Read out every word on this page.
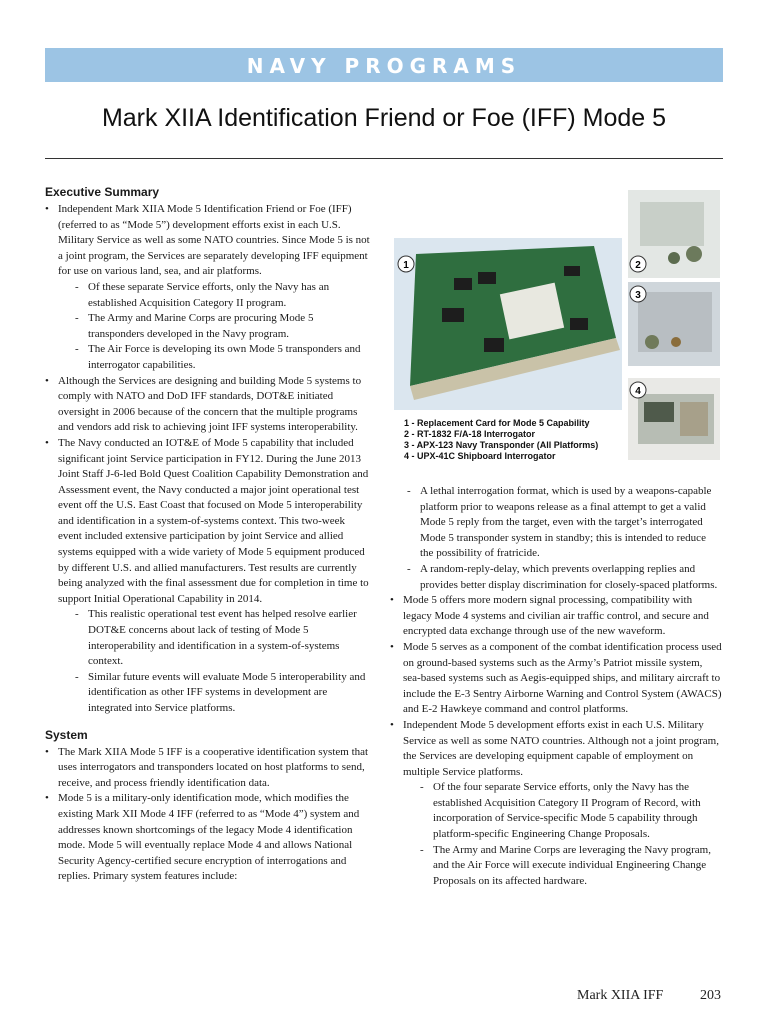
NAVY PROGRAMS
Mark XIIA Identification Friend or Foe (IFF) Mode 5
Executive Summary
• Independent Mark XIIA Mode 5 Identification Friend or Foe (IFF) (referred to as “Mode 5”) development efforts exist in each U.S. Military Service as well as some NATO countries. Since Mode 5 is not a joint program, the Services are separately developing IFF equipment for use on various land, sea, and air platforms.
- Of these separate Service efforts, only the Navy has an established Acquisition Category II program.
- The Army and Marine Corps are procuring Mode 5 transponders developed in the Navy program.
- The Air Force is developing its own Mode 5 transponders and interrogator capabilities.
• Although the Services are designing and building Mode 5 systems to comply with NATO and DoD IFF standards, DOT&E initiated oversight in 2006 because of the concern that the multiple programs and vendors add risk to achieving joint IFF systems interoperability.
• The Navy conducted an IOT&E of Mode 5 capability that included significant joint Service participation in FY12. During the June 2013 Joint Staff J-6-led Bold Quest Coalition Capability Demonstration and Assessment event, the Navy conducted a major joint operational test event off the U.S. East Coast that focused on Mode 5 interoperability and identification in a system-of-systems context. This two-week event included extensive participation by joint Service and allied systems equipped with a wide variety of Mode 5 equipment produced by different U.S. and allied manufacturers. Test results are currently being analyzed with the final assessment due for completion in time to support Initial Operational Capability in 2014.
- This realistic operational test event has helped resolve earlier DOT&E concerns about lack of testing of Mode 5 interoperability and identification in a system-of-systems context.
- Similar future events will evaluate Mode 5 interoperability and identification as other IFF systems in development are integrated into Service platforms.
System
• The Mark XIIA Mode 5 IFF is a cooperative identification system that uses interrogators and transponders located on host platforms to send, receive, and process friendly identification data.
• Mode 5 is a military-only identification mode, which modifies the existing Mark XII Mode 4 IFF (referred to as “Mode 4”) system and addresses known shortcomings of the legacy Mode 4 identification mode. Mode 5 will eventually replace Mode 4 and allows National Security Agency-certified secure encryption of interrogations and replies. Primary system features include:
1	2
3
4
1 - Replacement Card for Mode 5 Capability
2 - RT-1832 F/A-18 Interrogator
3 - APX-123 Navy Transponder (All Platforms)
4 - UPX-41C Shipboard Interrogator
- A lethal interrogation format, which is used by a weapons-capable platform prior to weapons release as a final attempt to get a valid Mode 5 reply from the target, even with the target’s interrogated Mode 5 transponder system in standby; this is intended to reduce the possibility of fratricide.
- A random-reply-delay, which prevents overlapping replies and provides better display discrimination for closely-spaced platforms.
• Mode 5 offers more modern signal processing, compatibility with legacy Mode 4 systems and civilian air traffic control, and secure and encrypted data exchange through use of the new waveform.
• Mode 5 serves as a component of the combat identification process used on ground-based systems such as the Army’s Patriot missile system, sea-based systems such as Aegis-equipped ships, and military aircraft to include the E-3 Sentry Airborne Warning and Control System (AWACS) and E-2 Hawkeye command and control platforms.
• Independent Mode 5 development efforts exist in each U.S. Military Service as well as some NATO countries. Although not a joint program, the Services are developing equipment capable of employment on multiple Service platforms.
- Of the four separate Service efforts, only the Navy has the established Acquisition Category II Program of Record, with incorporation of Service-specific Mode 5 capability through platform-specific Engineering Change Proposals.
- The Army and Marine Corps are leveraging the Navy program, and the Air Force will execute individual Engineering Change Proposals on its affected hardware.
Mark XIIA IFF	203
